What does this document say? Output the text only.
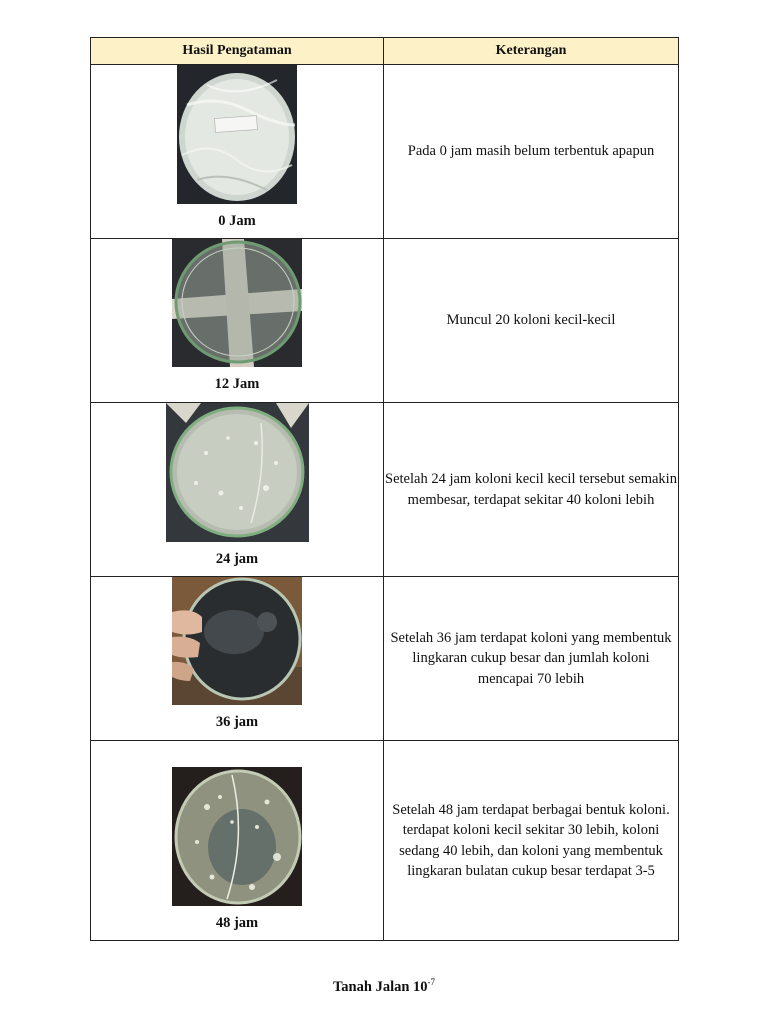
Hasil Pengataman	Keterangan

0 Jam	Pada 0 jam masih belum terbentuk apapun

12 Jam	Muncul 20 koloni kecil-kecil

24 jam	Setelah 24 jam koloni kecil kecil tersebut semakin membesar, terdapat sekitar 40 koloni lebih

36 jam	Setelah 36 jam terdapat koloni yang membentuk lingkaran cukup besar dan jumlah koloni mencapai 70 lebih

48 jam	Setelah 48 jam terdapat berbagai bentuk koloni. terdapat koloni kecil sekitar 30 lebih, koloni sedang 40 lebih, dan koloni yang membentuk lingkaran bulatan cukup besar terdapat 3-5
Tanah Jalan $10^{-7}$
